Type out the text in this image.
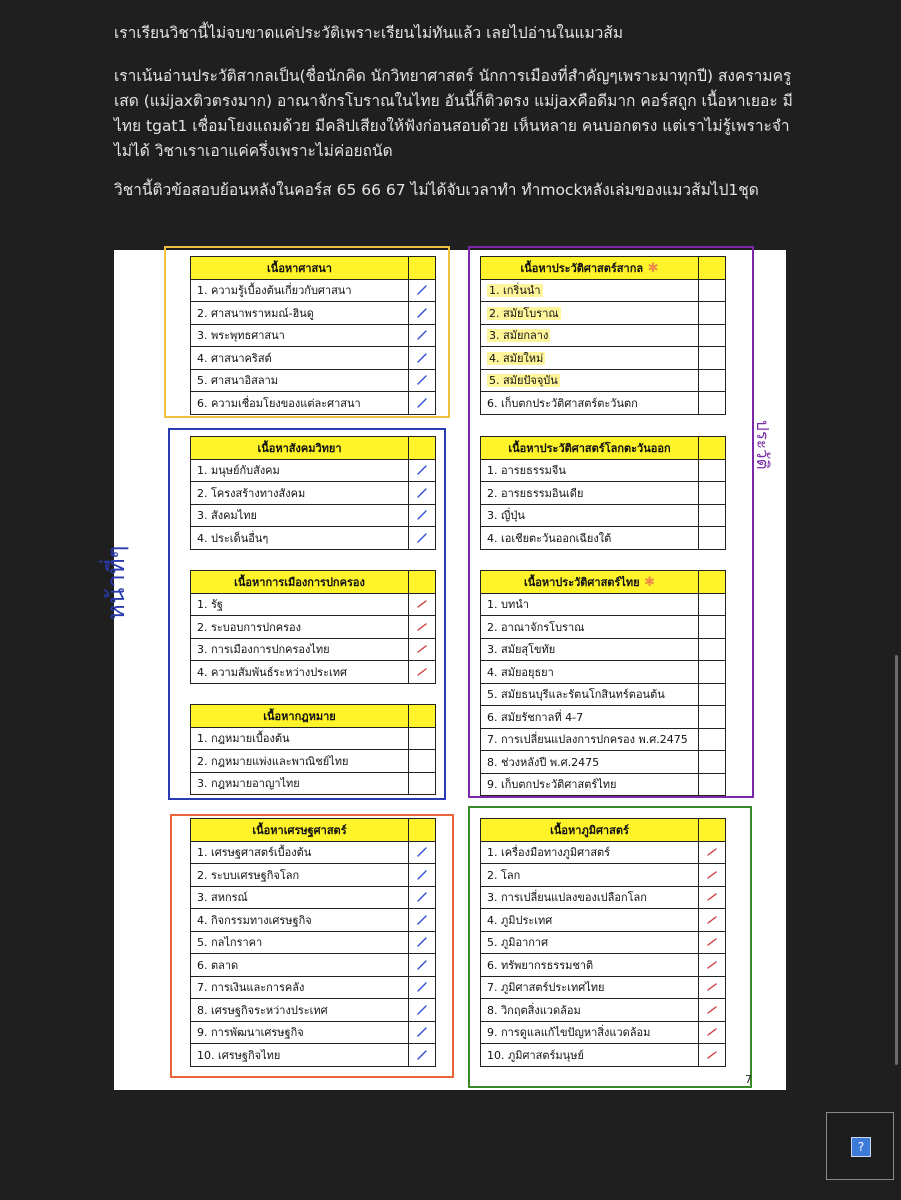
เราเรียนวิชานี้ไม่จบขาดแค่ประวัติเพราะเรียนไม่ทันแล้ว เลยไปอ่านในแมวส้ม

เราเน้นอ่านประวัติสากลเป็น(ชื่อนักคิด นักวิทยาศาสตร์ นักการเมืองที่สำคัญๆเพราะมาทุกปี) สงครามครูเสด (แม่jaxติวตรงมาก) อาณาจักรโบราณในไทย อันนี้ก็ติวตรง แม่jaxคือดีมาก คอร์สถูก เนื้อหาเยอะ มีไทย tgat1 เชื่อมโยงแถมด้วย มีคลิปเสียงให้ฟังก่อนสอบด้วย เห็นหลาย คนบอกตรง แต่เราไม่รู้เพราะจำไม่ได้ วิชาเราเอาแค่ครึ่งเพราะไม่ค่อยถนัด

วิชานี้ติวข้อสอบย้อนหลังในคอร์ส 65 66 67 ไม่ได้จับเวลาทำ ทำmockหลังเล่มของแมวส้มไป1ชุด

หน้าที่ๆ
ประวัติ
เนื้อหาศาสนา	
1. ความรู้เบื้องต้นเกี่ยวกับศาสนา	

2. ศาสนาพราหมณ์-ฮินดู	

3. พระพุทธศาสนา	

4. ศาสนาคริสต์	

5. ศาสนาอิสลาม	

6. ความเชื่อมโยงของแต่ละศาสนา	
เนื้อหาสังคมวิทยา	
1. มนุษย์กับสังคม	

2. โครงสร้างทางสังคม	

3. สังคมไทย	

4. ประเด็นอื่นๆ	
เนื้อหาการเมืองการปกครอง	
1. รัฐ	

2. ระบอบการปกครอง	

3. การเมืองการปกครองไทย	

4. ความสัมพันธ์ระหว่างประเทศ	
เนื้อหากฎหมาย	
1. กฎหมายเบื้องต้น	
2. กฎหมายแพ่งและพาณิชย์ไทย	
3. กฎหมายอาญาไทย	
เนื้อหาเศรษฐศาสตร์	
1. เศรษฐศาสตร์เบื้องต้น	

2. ระบบเศรษฐกิจโลก	

3. สหกรณ์	

4. กิจกรรมทางเศรษฐกิจ	

5. กลไกราคา	

6. ตลาด	

7. การเงินและการคลัง	

8. เศรษฐกิจระหว่างประเทศ	

9. การพัฒนาเศรษฐกิจ	

10. เศรษฐกิจไทย	
เนื้อหาประวัติศาสตร์สากล ✱	
1. เกริ่นนำ	
2. สมัยโบราณ	
3. สมัยกลาง	
4. สมัยใหม่	
5. สมัยปัจจุบัน	
6. เก็บตกประวัติศาสตร์ตะวันตก	
เนื้อหาประวัติศาสตร์โลกตะวันออก	
1. อารยธรรมจีน	
2. อารยธรรมอินเดีย	
3. ญี่ปุ่น	
4. เอเชียตะวันออกเฉียงใต้	
เนื้อหาประวัติศาสตร์ไทย ✱	
1. บทนำ	
2. อาณาจักรโบราณ	
3. สมัยสุโขทัย	
4. สมัยอยุธยา	
5. สมัยธนบุรีและรัตนโกสินทร์ตอนต้น	
6. สมัยรัชกาลที่ 4-7	
7. การเปลี่ยนแปลงการปกครอง พ.ศ.2475	
8. ช่วงหลังปี พ.ศ.2475	
9. เก็บตกประวัติศาสตร์ไทย	
เนื้อหาภูมิศาสตร์	
1. เครื่องมือทางภูมิศาสตร์	

2. โลก	

3. การเปลี่ยนแปลงของเปลือกโลก	

4. ภูมิประเทศ	

5. ภูมิอากาศ	

6. ทรัพยากรธรรมชาติ	

7. ภูมิศาสตร์ประเทศไทย	

8. วิกฤตสิ่งแวดล้อม	

9. การดูแลแก้ไขปัญหาสิ่งแวดล้อม	

10. ภูมิศาสตร์มนุษย์	
7
?
